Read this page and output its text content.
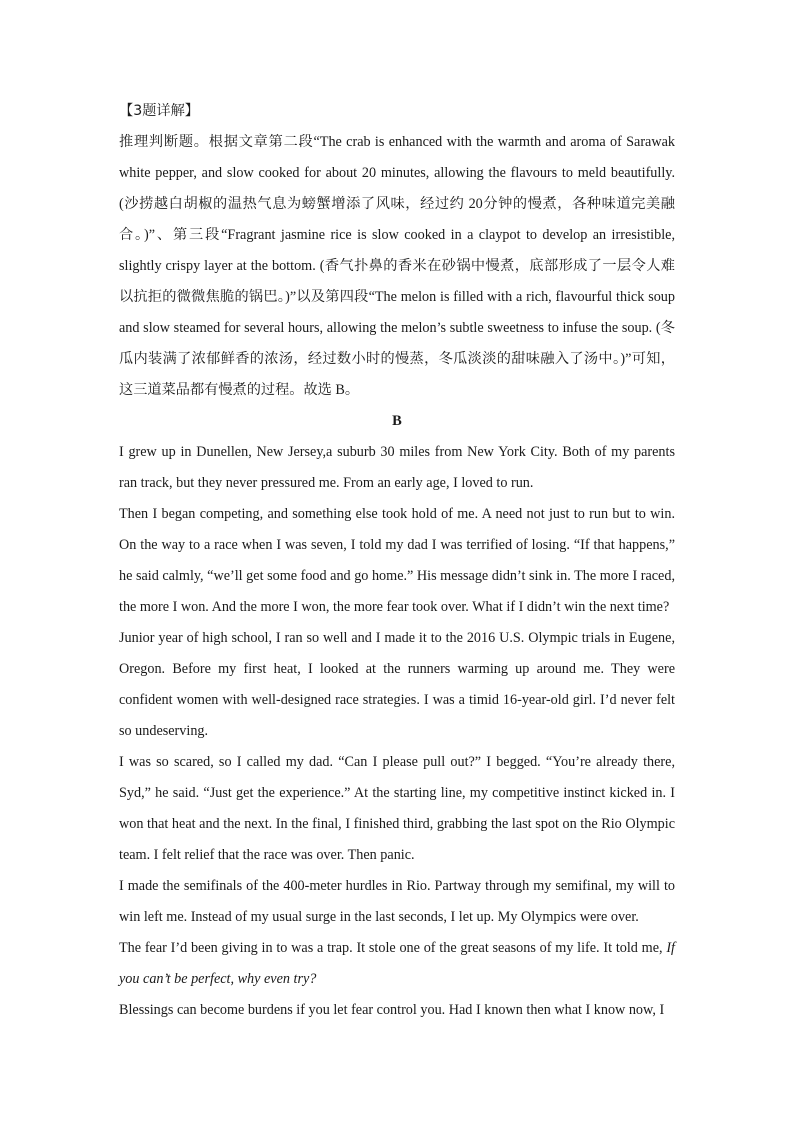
【3题详解】

推理判断题。根据文章第二段“The crab is enhanced with the warmth and aroma of Sarawak white pepper, and slow cooked for about 20 minutes, allowing the flavours to meld beautifully. (沙捞越白胡椒的温热气息为螃蟹增添了风味，经过约 20分钟的慢煮，各种味道完美融合。)”、第三段“Fragrant jasmine rice is slow cooked in a claypot to develop an irresistible, slightly crispy layer at the bottom. (香气扑鼻的香米在砂锅中慢煮，底部形成了一层令人难以抗拒的微微焦脆的锅巴。)”以及第四段“The melon is filled with a rich, flavourful thick soup and slow steamed for several hours, allowing the melon’s subtle sweetness to infuse the soup. (冬瓜内装满了浓郁鲜香的浓汤，经过数小时的慢蒸，冬瓜淡淡的甜味融入了汤中。)”可知，这三道菜品都有慢煮的过程。故选 B。

B

I grew up in Dunellen, New Jersey,a suburb 30 miles from New York City. Both of my parents ran track, but they never pressured me. From an early age, I loved to run.

Then I began competing, and something else took hold of me. A need not just to run but to win. On the way to a race when I was seven, I told my dad I was terrified of losing. “If that happens,” he said calmly, “we’ll get some food and go home.” His message didn’t sink in. The more I raced, the more I won. And the more I won, the more fear took over. What if I didn’t win the next time?

Junior year of high school, I ran so well and I made it to the 2016 U.S. Olympic trials in Eugene, Oregon. Before my first heat, I looked at the runners warming up around me. They were confident women with well-designed race strategies. I was a timid 16-year-old girl. I’d never felt so undeserving.

I was so scared, so I called my dad. “Can I please pull out?” I begged. “You’re already there, Syd,” he said. “Just get the experience.” At the starting line, my competitive instinct kicked in. I won that heat and the next. In the final, I finished third, grabbing the last spot on the Rio Olympic team. I felt relief that the race was over. Then panic.

I made the semifinals of the 400-meter hurdles in Rio. Partway through my semifinal, my will to win left me. Instead of my usual surge in the last seconds, I let up. My Olympics were over.

The fear I’d been giving in to was a trap. It stole one of the great seasons of my life. It told me, If you can’t be perfect, why even try?

Blessings can become burdens if you let fear control you. Had I known then what I know now, I
